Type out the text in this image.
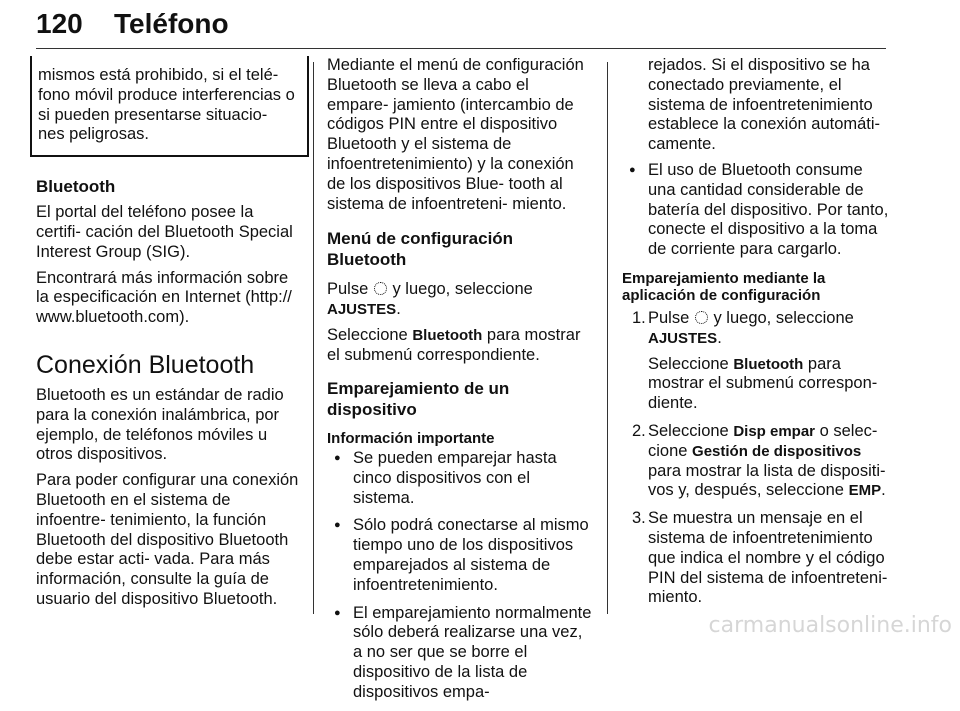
120 Teléfono
mismos está prohibido, si el telé- fono móvil produce interferencias o si pueden presentarse situacio- nes peligrosas.
Bluetooth

El portal del teléfono posee la certifi- cación del Bluetooth Special Interest Group (SIG).

Encontrará más información sobre la especificación en Internet (http:// www.bluetooth.com).

Conexión Bluetooth

Bluetooth es un estándar de radio para la conexión inalámbrica, por ejemplo, de teléfonos móviles u otros dispositivos.

Para poder configurar una conexión Bluetooth en el sistema de infoentre- tenimiento, la función Bluetooth del dispositivo Bluetooth debe estar acti- vada. Para más información, consulte la guía de usuario del dispositivo Bluetooth.

Mediante el menú de configuración Bluetooth se lleva a cabo el empare- jamiento (intercambio de códigos PIN entre el dispositivo Bluetooth y el sistema de infoentretenimiento) y la conexión de los dispositivos Blue- tooth al sistema de infoentreteni- miento.

Menú de configuración Bluetooth

Pulse y luego, seleccione
AJUSTES.

Seleccione Bluetooth para mostrar el submenú correspondiente.

Emparejamiento de un dispositivo
Información importante
● Se pueden emparejar hasta cinco dispositivos con el sistema.
● Sólo podrá conectarse al mismo tiempo uno de los dispositivos emparejados al sistema de infoentretenimiento.
● El emparejamiento normalmente sólo deberá realizarse una vez, a no ser que se borre el dispositivo de la lista de dispositivos empa-

rejados. Si el dispositivo se ha conectado previamente, el sistema de infoentretenimiento establece la conexión automáti- camente.

● El uso de Bluetooth consume una cantidad considerable de batería del dispositivo. Por tanto, conecte el dispositivo a la toma de corriente para cargarlo.
Emparejamiento mediante la aplicación de configuración
1. Pulse y luego, seleccione
AJUSTES.
Seleccione Bluetooth para mostrar el submenú correspon- diente.
2. Seleccione Disp empar o selec- cione Gestión de dispositivos para mostrar la lista de dispositi- vos y, después, seleccione EMP.
3. Se muestra un mensaje en el sistema de infoentretenimiento que indica el nombre y el código PIN del sistema de infoentreteni- miento.
carmanualsonline.info
